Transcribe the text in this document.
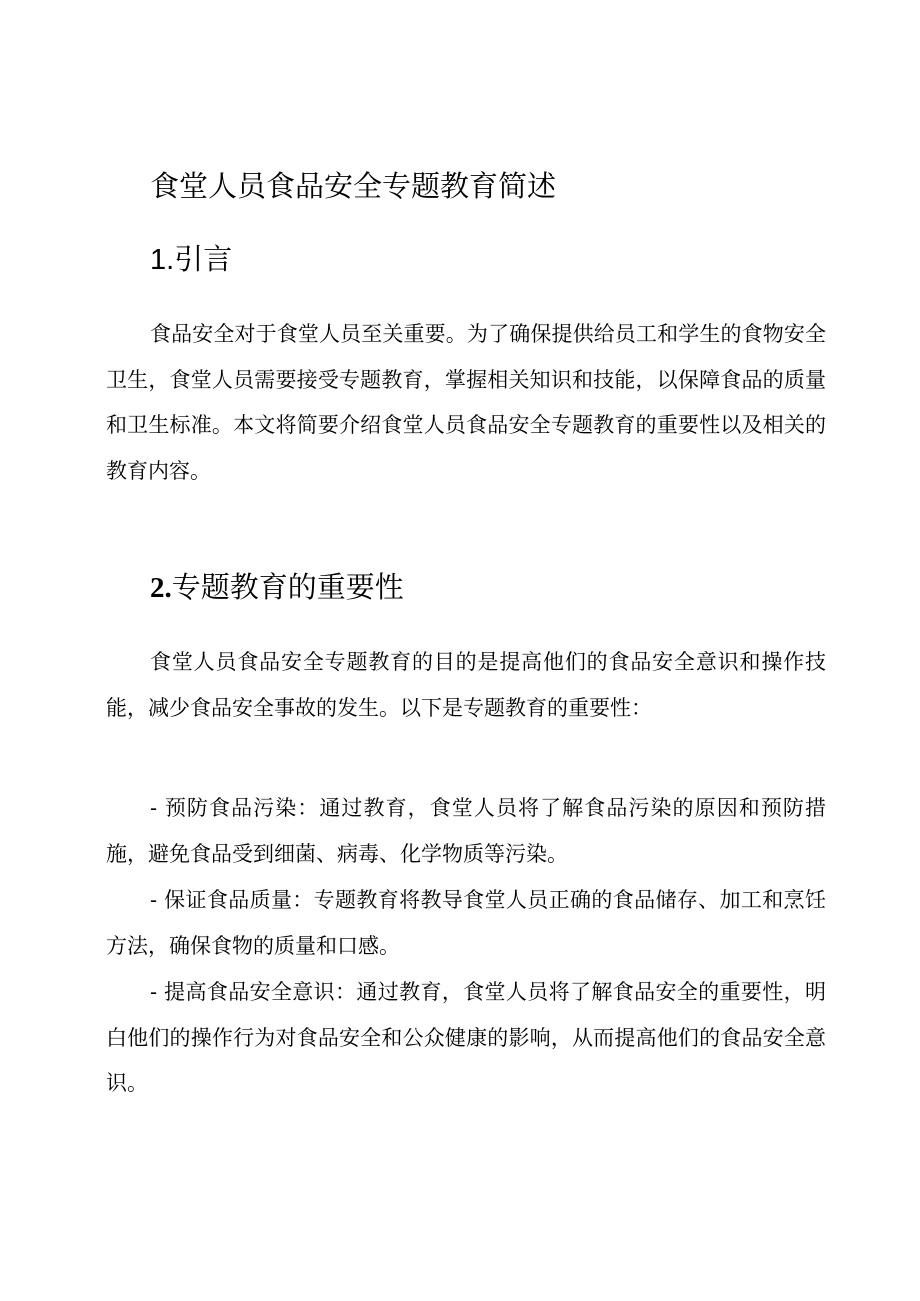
食堂人员食品安全专题教育简述
1.引言

食品安全对于食堂人员至关重要。为了确保提供给员工和学生的食物安全卫生，食堂人员需要接受专题教育，掌握相关知识和技能，以保障食品的质量和卫生标准。本文将简要介绍食堂人员食品安全专题教育的重要性以及相关的教育内容。

2.专题教育的重要性

食堂人员食品安全专题教育的目的是提高他们的食品安全意识和操作技能，减少食品安全事故的发生。以下是专题教育的重要性：

- 预防食品污染：通过教育，食堂人员将了解食品污染的原因和预防措施，避免食品受到细菌、病毒、化学物质等污染。

- 保证食品质量：专题教育将教导食堂人员正确的食品储存、加工和烹饪方法，确保食物的质量和口感。

- 提高食品安全意识：通过教育，食堂人员将了解食品安全的重要性，明白他们的操作行为对食品安全和公众健康的影响，从而提高他们的食品安全意识。
